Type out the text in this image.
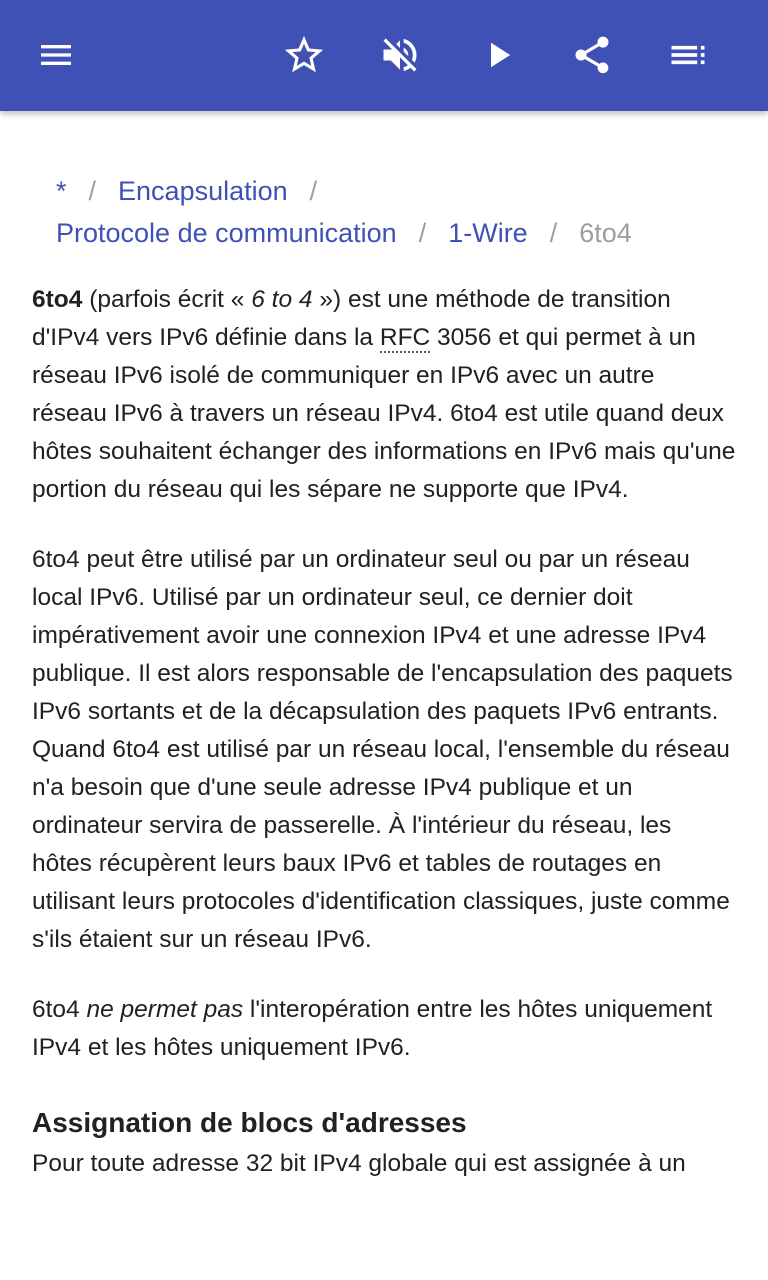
* / Encapsulation /
Protocole de communication / 1-Wire / 6to4

6to4 (parfois écrit « 6 to 4 ») est une méthode de transition d'IPv4 vers IPv6 définie dans la RFC 3056 et qui permet à un réseau IPv6 isolé de communiquer en IPv6 avec un autre réseau IPv6 à travers un réseau IPv4. 6to4 est utile quand deux hôtes souhaitent échanger des informations en IPv6 mais qu'une portion du réseau qui les sépare ne supporte que IPv4.

6to4 peut être utilisé par un ordinateur seul ou par un réseau local IPv6. Utilisé par un ordinateur seul, ce dernier doit impérativement avoir une connexion IPv4 et une adresse IPv4 publique. Il est alors responsable de l'encapsulation des paquets IPv6 sortants et de la décapsulation des paquets IPv6 entrants. Quand 6to4 est utilisé par un réseau local, l'ensemble du réseau n'a besoin que d'une seule adresse IPv4 publique et un ordinateur servira de passerelle. À l'intérieur du réseau, les hôtes récupèrent leurs baux IPv6 et tables de routages en utilisant leurs protocoles d'identification classiques, juste comme s'ils étaient sur un réseau IPv6.

6to4 ne permet pas l'interopération entre les hôtes uniquement IPv4 et les hôtes uniquement IPv6.

Assignation de blocs d'adresses

Pour toute adresse 32 bit IPv4 globale qui est assignée à un
